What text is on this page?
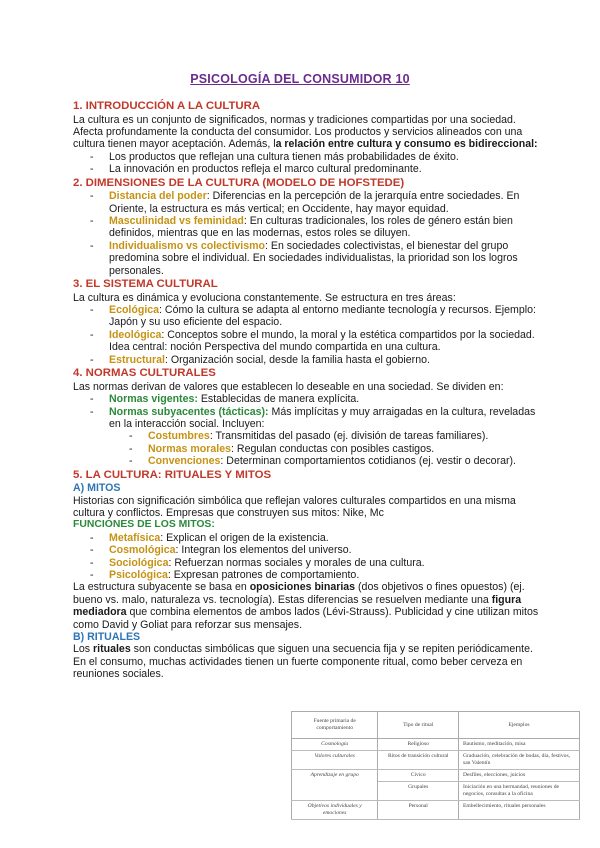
PSICOLOGÍA DEL CONSUMIDOR 10
1. INTRODUCCIÓN A LA CULTURA

La cultura es un conjunto de significados, normas y tradiciones compartidas por una sociedad. Afecta profundamente la conducta del consumidor. Los productos y servicios alineados con una cultura tienen mayor aceptación. Además, la relación entre cultura y consumo es bidireccional:

- Los productos que reflejan una cultura tienen más probabilidades de éxito.
- La innovación en productos refleja el marco cultural predominante.
2. DIMENSIONES DE LA CULTURA (MODELO DE HOFSTEDE)
- Distancia del poder: Diferencias en la percepción de la jerarquía entre sociedades. En Oriente, la estructura es más vertical; en Occidente, hay mayor equidad.
- Masculinidad vs feminidad: En culturas tradicionales, los roles de género están bien definidos, mientras que en las modernas, estos roles se diluyen.
- Individualismo vs colectivismo: En sociedades colectivistas, el bienestar del grupo predomina sobre el individual. En sociedades individualistas, la prioridad son los logros personales.
3. EL SISTEMA CULTURAL

La cultura es dinámica y evoluciona constantemente. Se estructura en tres áreas:

- Ecológica: Cómo la cultura se adapta al entorno mediante tecnología y recursos. Ejemplo: Japón y su uso eficiente del espacio.
- Ideológica: Conceptos sobre el mundo, la moral y la estética compartidos por la sociedad. Idea central: noción Perspectiva del mundo compartida en una cultura.
- Estructural: Organización social, desde la familia hasta el gobierno.
4. NORMAS CULTURALES

Las normas derivan de valores que establecen lo deseable en una sociedad. Se dividen en:

- Normas vigentes: Establecidas de manera explícita.
- Normas subyacentes (tácticas): Más implícitas y muy arraigadas en la cultura, reveladas en la interacción social. Incluyen:
- Costumbres: Transmitidas del pasado (ej. división de tareas familiares).
- Normas morales: Regulan conductas con posibles castigos.
- Convenciones: Determinan comportamientos cotidianos (ej. vestir o decorar).
5. LA CULTURA: RITUALES Y MITOS
A) MITOS

Historias con significación simbólica que reflejan valores culturales compartidos en una misma cultura y conflictos. Empresas que construyen sus mitos: Nike, Mc

FUNCIONES DE LOS MITOS:
- Metafísica: Explican el origen de la existencia.
- Cosmológica: Integran los elementos del universo.
- Sociológica: Refuerzan normas sociales y morales de una cultura.
- Psicológica: Expresan patrones de comportamiento.

La estructura subyacente se basa en oposiciones binarias (dos objetivos o fines opuestos) (ej. bueno vs. malo, naturaleza vs. tecnología). Estas diferencias se resuelven mediante una figura mediadora que combina elementos de ambos lados (Lévi-Strauss). Publicidad y cine utilizan mitos como David y Goliat para reforzar sus mensajes.

B) RITUALES

Los rituales son conductas simbólicas que siguen una secuencia fija y se repiten periódicamente. En el consumo, muchas actividades tienen un fuerte componente ritual, como beber cerveza en reuniones sociales.

Fuente primaria de comportamiento	Tipo de ritual	Ejemplos
Cosmología	Religioso	Bautismo, meditación, misa
Valores culturales	Ritos de transición cultural	Graduación, celebración de bodas, día, festivos, san Valentín
Aprendizaje en grupo	Cívico	Desfiles, elecciones, juicios
	Grupales	Iniciación en una hermandad, reuniones de negocios, consultas a la oficina
Objetivos individuales y emociones	Personal	Embellecimiento, rituales personales
